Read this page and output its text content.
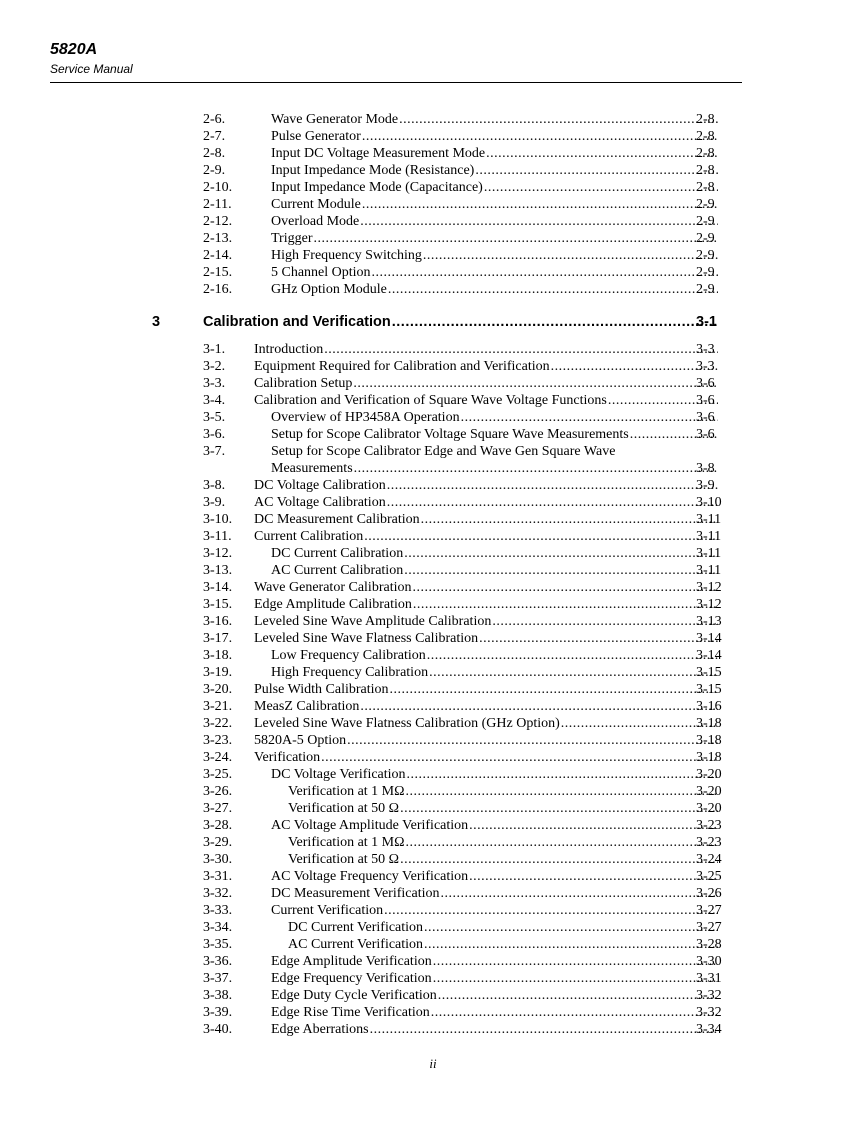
5820A
Service Manual
2-6.	Wave Generator Mode .....	2-8
2-7.	Pulse Generator .....	2-8
2-8.	Input DC Voltage Measurement Mode .....	2-8
2-9.	Input Impedance Mode (Resistance) .....	2-8
2-10.	Input Impedance Mode (Capacitance) .....	2-8
2-11.	Current Module .....	2-9
2-12.	Overload Mode .....	2-9
2-13.	Trigger .....	2-9
2-14.	High Frequency Switching .....	2-9
2-15.	5 Channel Option .....	2-9
2-16.	GHz Option Module .....	2-9
3	Calibration and Verification .....	3-1
3-1. Introduction .....	3-3
3-2. Equipment Required for Calibration and Verification .....	3-3
3-3. Calibration Setup .....	3-6
3-4. Calibration and Verification of Square Wave Voltage Functions .....	3-6
3-5.	Overview of HP3458A Operation .....	3-6
3-6.	Setup for Scope Calibrator Voltage Square Wave Measurements .....	3-6
3-7.	Setup for Scope Calibrator Edge and Wave Gen Square Wave
Measurements .....	3-8
3-8. DC Voltage Calibration .....	3-9
3-9. AC Voltage Calibration .....	3-10
3-10. DC Measurement Calibration .....	3-11
3-11. Current Calibration .....	3-11
3-12.	DC Current Calibration .....	3-11
3-13.	AC Current Calibration .....	3-11
3-14. Wave Generator Calibration .....	3-12
3-15. Edge Amplitude Calibration .....	3-12
3-16. Leveled Sine Wave Amplitude Calibration .....	3-13
3-17. Leveled Sine Wave Flatness Calibration .....	3-14
3-18.	Low Frequency Calibration .....	3-14
3-19.	High Frequency Calibration .....	3-15
3-20. Pulse Width Calibration .....	3-15
3-21. MeasZ Calibration .....	3-16
3-22. Leveled Sine Wave Flatness Calibration (GHz Option) .....	3-18
3-23. 5820A-5 Option .....	3-18
3-24. Verification .....	3-18
3-25.	DC Voltage Verification .....	3-20
3-26.	Verification at 1 MΩ .....	3-20
3-27.	Verification at 50 Ω .....	3-20
3-28.	AC Voltage Amplitude Verification .....	3-23
3-29.	Verification at 1 MΩ .....	3-23
3-30.	Verification at 50 Ω .....	3-24
3-31.	AC Voltage Frequency Verification .....	3-25
3-32.	DC Measurement Verification .....	3-26
3-33.	Current Verification .....	3-27
3-34.	DC Current Verification .....	3-27
3-35.	AC Current Verification .....	3-28
3-36.	Edge Amplitude Verification .....	3-30
3-37.	Edge Frequency Verification .....	3-31
3-38.	Edge Duty Cycle Verification .....	3-32
3-39.	Edge Rise Time Verification .....	3-32
3-40.	Edge Aberrations .....	3-34
ii
